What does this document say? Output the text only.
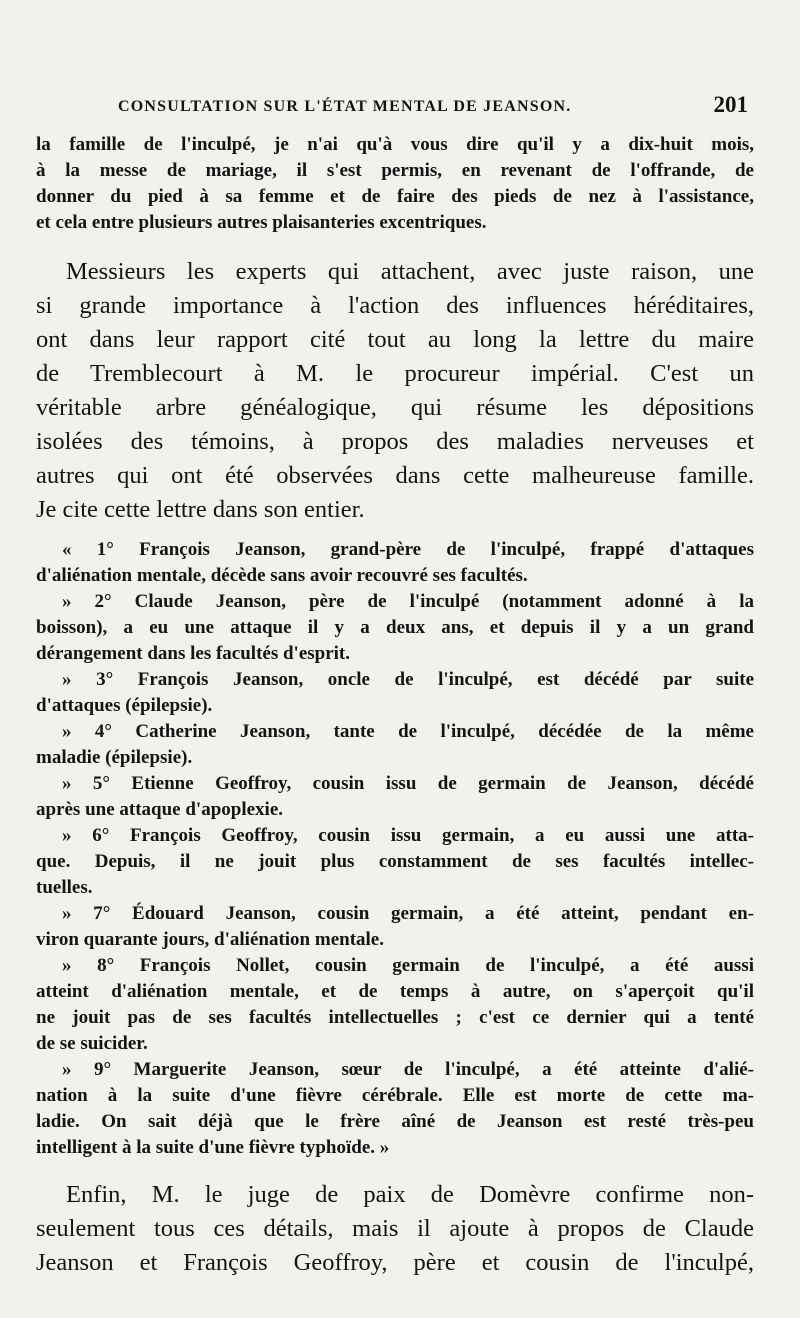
CONSULTATION SUR L'ÉTAT MENTAL DE JEANSON.	201
la famille de l'inculpé, je n'ai qu'à vous dire qu'il y a dix-huit mois,
à la messe de mariage, il s'est permis, en revenant de l'offrande, de
donner du pied à sa femme et de faire des pieds de nez à l'assistance,
et cela entre plusieurs autres plaisanteries excentriques.
Messieurs les experts qui attachent, avec juste raison, une
si grande importance à l'action des influences héréditaires,
ont dans leur rapport cité tout au long la lettre du maire
de Tremblecourt à M. le procureur impérial. C'est un
véritable arbre généalogique, qui résume les dépositions
isolées des témoins, à propos des maladies nerveuses et
autres qui ont été observées dans cette malheureuse famille.
Je cite cette lettre dans son entier.
« 1° François Jeanson, grand-père de l'inculpé, frappé d'attaques
d'aliénation mentale, décède sans avoir recouvré ses facultés.
» 2° Claude Jeanson, père de l'inculpé (notamment adonné à la
boisson), a eu une attaque il y a deux ans, et depuis il y a un grand
dérangement dans les facultés d'esprit.
» 3° François Jeanson, oncle de l'inculpé, est décédé par suite
d'attaques (épilepsie).
» 4° Catherine Jeanson, tante de l'inculpé, décédée de la même
maladie (épilepsie).
» 5° Etienne Geoffroy, cousin issu de germain de Jeanson, décédé
après une attaque d'apoplexie.
» 6° François Geoffroy, cousin issu germain, a eu aussi une atta-
que. Depuis, il ne jouit plus constamment de ses facultés intellec-
tuelles.
» 7° Édouard Jeanson, cousin germain, a été atteint, pendant en-
viron quarante jours, d'aliénation mentale.
» 8° François Nollet, cousin germain de l'inculpé, a été aussi
atteint d'aliénation mentale, et de temps à autre, on s'aperçoit qu'il
ne jouit pas de ses facultés intellectuelles ; c'est ce dernier qui a tenté
de se suicider.
» 9° Marguerite Jeanson, sœur de l'inculpé, a été atteinte d'alié-
nation à la suite d'une fièvre cérébrale. Elle est morte de cette ma-
ladie. On sait déjà que le frère aîné de Jeanson est resté très-peu
intelligent à la suite d'une fièvre typhoïde. »
Enfin, M. le juge de paix de Domèvre confirme non-
seulement tous ces détails, mais il ajoute à propos de Claude
Jeanson et François Geoffroy, père et cousin de l'inculpé,
